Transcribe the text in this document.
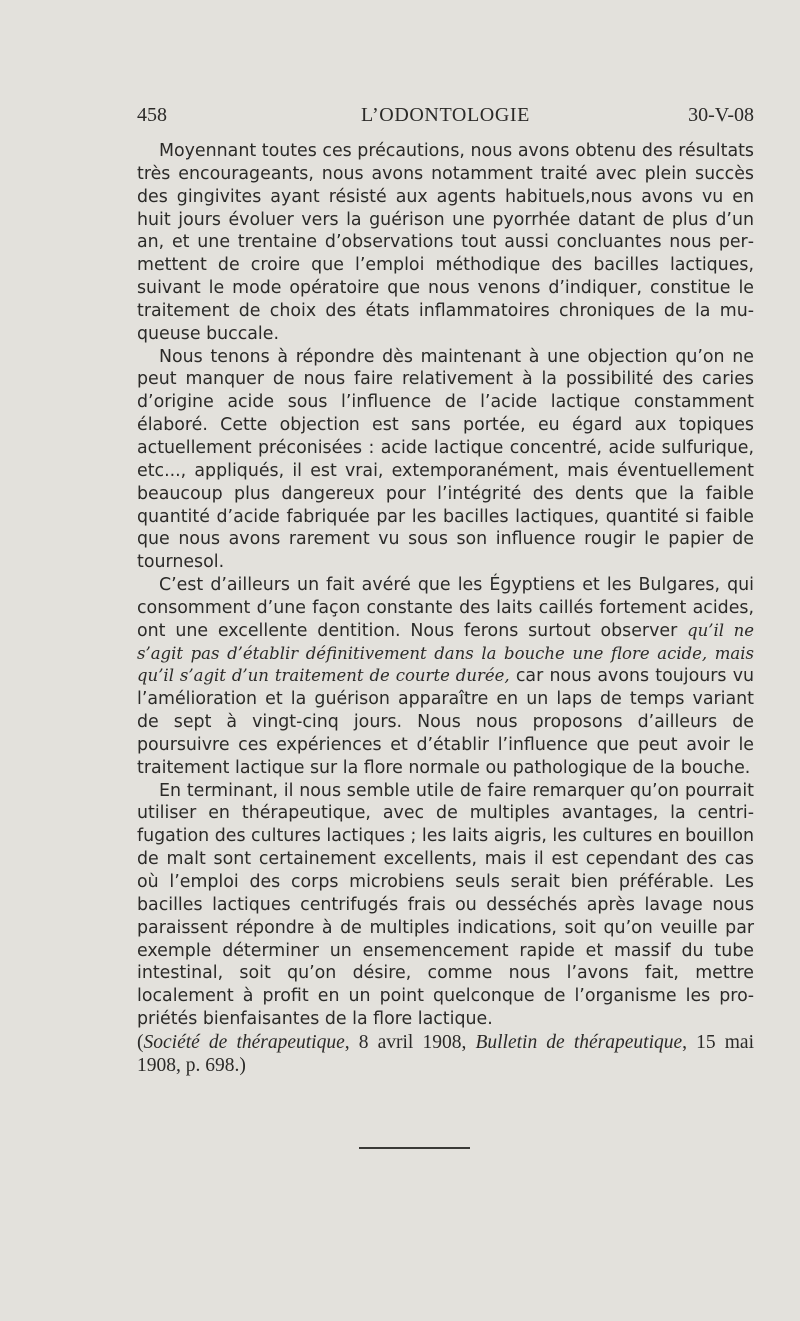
458	L’ODONTOLOGIE	30-V-08

Moyennant toutes ces précautions, nous avons obtenu des résultats très encourageants, nous avons notamment traité avec plein succès des gingivites ayant résisté aux agents habituels,nous avons vu en huit jours évoluer vers la guérison une pyorrhée datant de plus d’un an, et une trentaine d’observations tout aussi concluantes nous permettent de croire que l’emploi méthodique des bacilles lactiques, suivant le mode opératoire que nous venons d’indiquer, constitue le traitement de choix des états inflammatoires chroniques de la muqueuse buccale.

Nous tenons à répondre dès maintenant à une objection qu’on ne peut manquer de nous faire relativement à la possibilité des caries d’origine acide sous l’influence de l’acide lactique constamment élaboré. Cette objection est sans portée, eu égard aux topiques actuellement préconisées : acide lactique concentré, acide sulfurique, etc..., appliqués, il est vrai, extemporanément, mais éventuellement beaucoup plus dangereux pour l’intégrité des dents que la faible quantité d’acide fabriquée par les bacilles lactiques, quantité si faible que nous avons rarement vu sous son influence rougir le papier de tournesol.

C’est d’ailleurs un fait avéré que les Égyptiens et les Bulgares, qui consomment d’une façon constante des laits caillés fortement acides, ont une excellente dentition. Nous ferons surtout observer qu’il ne s’agit pas d’établir définitivement dans la bouche une flore acide, mais qu’il s’agit d’un traitement de courte durée, car nous avons toujours vu l’amélioration et la guérison apparaître en un laps de temps variant de sept à vingt-cinq jours. Nous nous proposons d’ailleurs de poursuivre ces expériences et d’établir l’influence que peut avoir le traitement lactique sur la flore normale ou pathologique de la bouche.

En terminant, il nous semble utile de faire remarquer qu’on pourrait utiliser en thérapeutique, avec de multiples avantages, la centrifugation des cultures lactiques ; les laits aigris, les cultures en bouillon de malt sont certainement excellents, mais il est cependant des cas où l’emploi des corps microbiens seuls serait bien préférable. Les bacilles lactiques centrifugés frais ou desséchés après lavage nous paraissent répondre à de multiples indications, soit qu’on veuille par exemple déterminer un ensemencement rapide et massif du tube intestinal, soit qu’on désire, comme nous l’avons fait, mettre localement à profit en un point quelconque de l’organisme les propriétés bienfaisantes de la flore lactique.

(Société de thérapeutique, 8 avril 1908, Bulletin de thérapeutique, 15 mai 1908, p. 698.)
